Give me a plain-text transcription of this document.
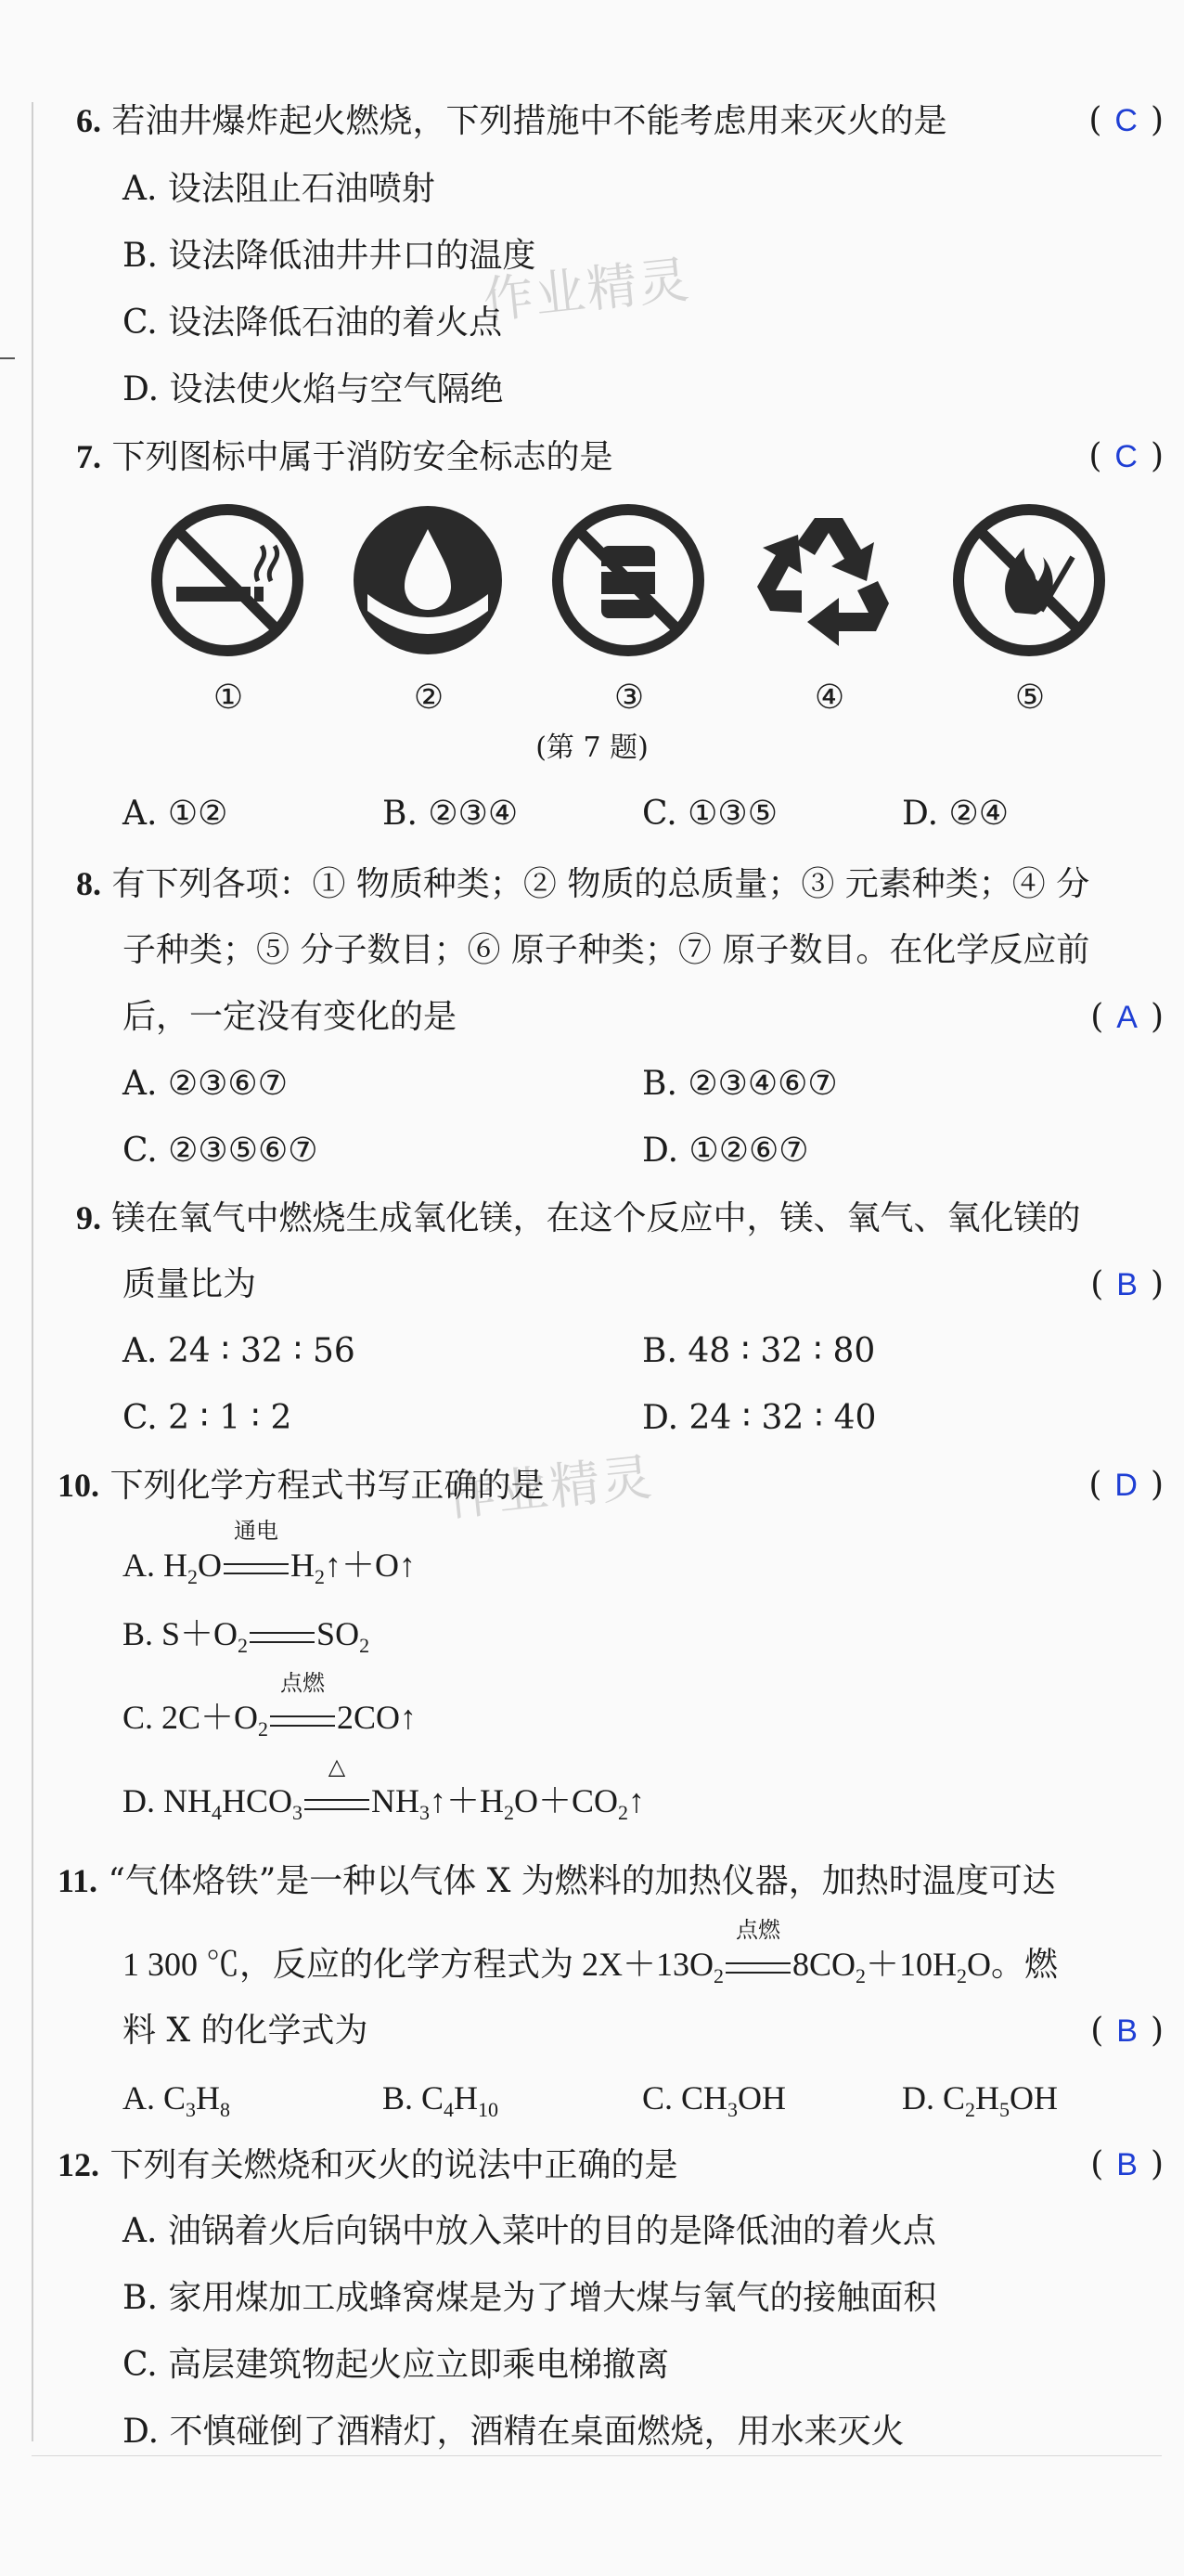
作业精灵
作业精灵
6. 若油井爆炸起火燃烧，下列措施中不能考虑用来灭火的是	( C )
A. 设法阻止石油喷射
B. 设法降低油井井口的温度
C. 设法降低石油的着火点
D. 设法使火焰与空气隔绝
7. 下列图标中属于消防安全标志的是	( C )
①	②	③	④	⑤
(第 7 题)
A. ①②	B. ②③④	C. ①③⑤	D. ②④
8. 有下列各项：① 物质种类；② 物质的总质量；③ 元素种类；④ 分
子种类；⑤ 分子数目；⑥ 原子种类；⑦ 原子数目。在化学反应前
后，一定没有变化的是	( A )
A. ②③⑥⑦	B. ②③④⑥⑦
C. ②③⑤⑥⑦	D. ①②⑥⑦
9. 镁在氧气中燃烧生成氧化镁，在这个反应中，镁、氧气、氧化镁的
质量比为	( B )
A. 24 ∶ 32 ∶ 56	B. 48 ∶ 32 ∶ 80
C. 2 ∶ 1 ∶ 2	D. 24 ∶ 32 ∶ 40
10. 下列化学方程式书写正确的是	( D )
A. $H_2O$
通电
$H_2↑+O↑$
B. $S+O_2$ $SO_2$
C. $2C+O_2$
点燃
2CO↑
D. $NH_4HCO_3$
△
$NH_3↑+H_2O+CO_2↑$
11. “气体烙铁”是一种以气体 X 为燃料的加热仪器，加热时温度可达
1 300 ℃，反应的化学方程式为 $2X+13O_2$
点燃
$8CO_2+10H_2O$。燃
料 X 的化学式为	( B )
A. $C_3H_8$	B. $C_4H_{10}$	C. $CH_3OH$	D. $C_2H_5OH$
12. 下列有关燃烧和灭火的说法中正确的是	( B )
A. 油锅着火后向锅中放入菜叶的目的是降低油的着火点
B. 家用煤加工成蜂窝煤是为了增大煤与氧气的接触面积
C. 高层建筑物起火应立即乘电梯撤离
D. 不慎碰倒了酒精灯，酒精在桌面燃烧，用水来灭火
